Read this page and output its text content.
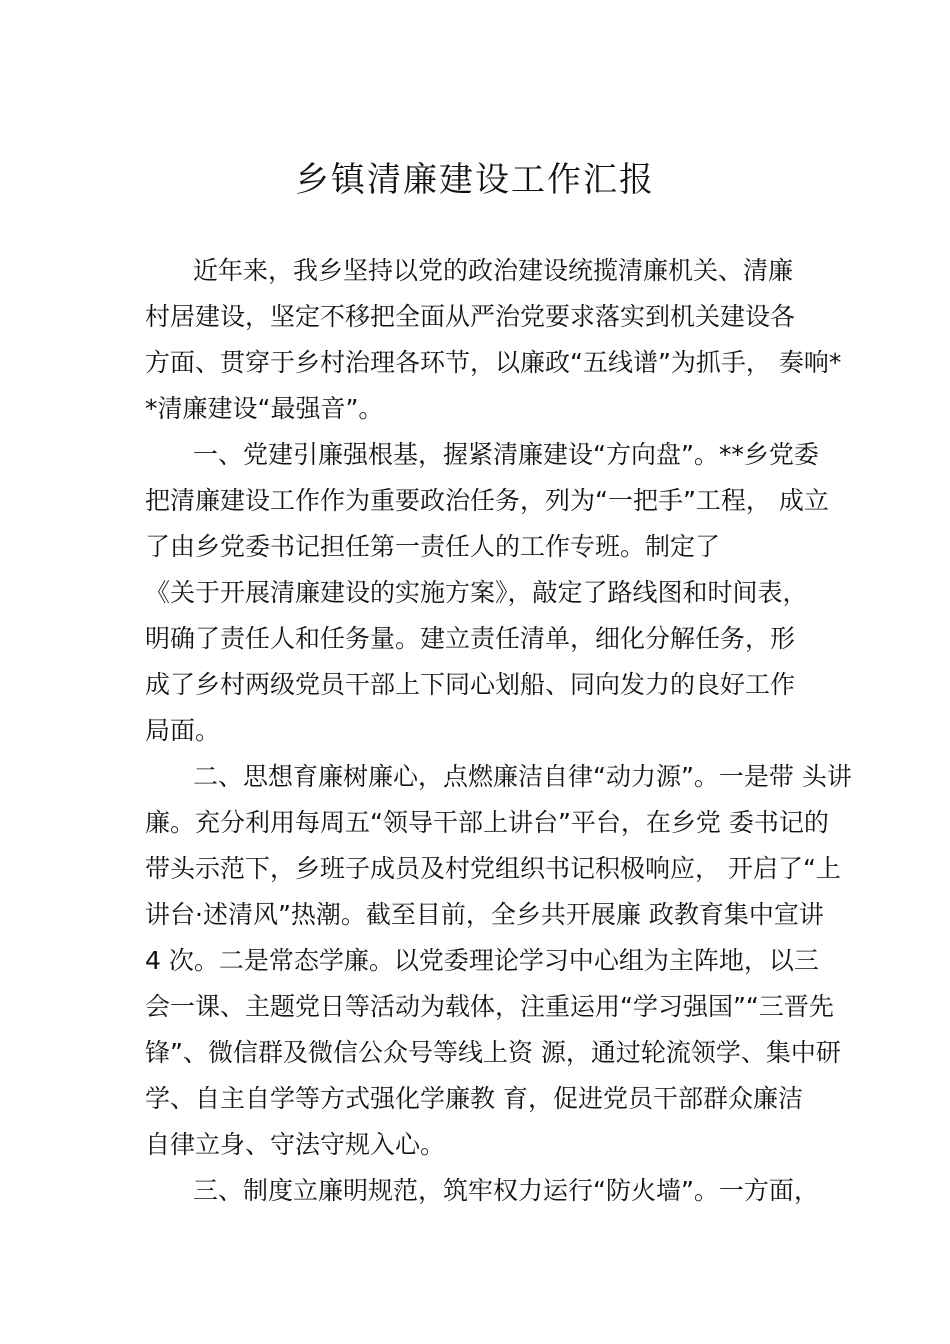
乡镇清廉建设工作汇报

近年来，我乡坚持以党的政治建设统揽清廉机关、清廉

村居建设，坚定不移把全面从严治党要求落实到机关建设各

方面、贯穿于乡村治理各环节，以廉政“五线谱”为抓手， 奏响*

*清廉建设“最强音”。

一、党建引廉强根基，握紧清廉建设“方向盘”。**乡党委

把清廉建设工作作为重要政治任务，列为“一把手”工程， 成立

了由乡党委书记担任第一责任人的工作专班。制定了

《关于开展清廉建设的实施方案》，敲定了路线图和时间表，

明确了责任人和任务量。建立责任清单，细化分解任务，形

成了乡村两级党员干部上下同心划船、同向发力的良好工作

局面。

二、思想育廉树廉心，点燃廉洁自律“动力源”。一是带 头讲

廉。充分利用每周五“领导干部上讲台”平台，在乡党 委书记的

带头示范下，乡班子成员及村党组织书记积极响应， 开启了“上

讲台·述清风”热潮。截至目前，全乡共开展廉 政教育集中宣讲

4 次。二是常态学廉。以党委理论学习中心组为主阵地，以三

会一课、主题党日等活动为载体，注重运用“学习强国”“三晋先

锋”、微信群及微信公众号等线上资 源，通过轮流领学、集中研

学、自主自学等方式强化学廉教 育，促进党员干部群众廉洁

自律立身、守法守规入心。

三、制度立廉明规范，筑牢权力运行“防火墙”。一方面，
